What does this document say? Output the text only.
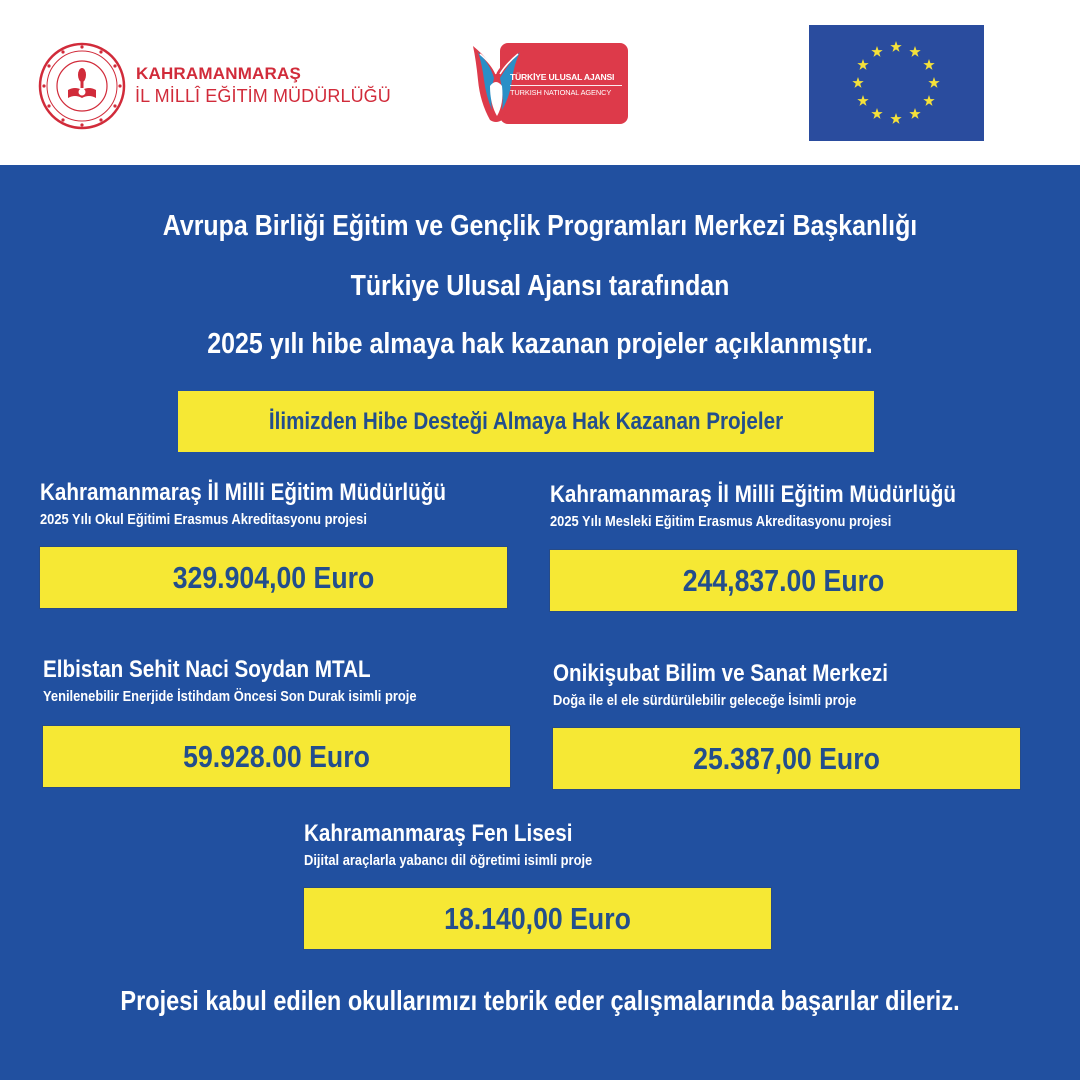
KAHRAMANMARAŞ
İL MİLLÎ EĞİTİM MÜDÜRLÜĞÜ
TÜRKİYE ULUSAL AJANSI
TURKISH NATIONAL AGENCY
Avrupa Birliği Eğitim ve Gençlik Programları Merkezi Başkanlığı
Türkiye Ulusal Ajansı tarafından
2025 yılı hibe almaya hak kazanan projeler açıklanmıştır.
İlimizden Hibe Desteği Almaya Hak Kazanan Projeler
Kahramanmaraş İl Milli Eğitim Müdürlüğü
2025 Yılı Okul Eğitimi Erasmus Akreditasyonu projesi
329.904,00 Euro
Kahramanmaraş İl Milli Eğitim Müdürlüğü
2025 Yılı Mesleki Eğitim Erasmus Akreditasyonu projesi
244,837.00 Euro
Elbistan Sehit Naci Soydan MTAL
Yenilenebilir Enerjide İstihdam Öncesi Son Durak isimli proje
59.928.00 Euro
Onikişubat Bilim ve Sanat Merkezi
Doğa ile el ele sürdürülebilir geleceğe İsimli proje
25.387,00 Euro
Kahramanmaraş Fen Lisesi
Dijital araçlarla yabancı dil öğretimi isimli proje
18.140,00 Euro
Projesi kabul edilen okullarımızı tebrik eder çalışmalarında başarılar dileriz.
